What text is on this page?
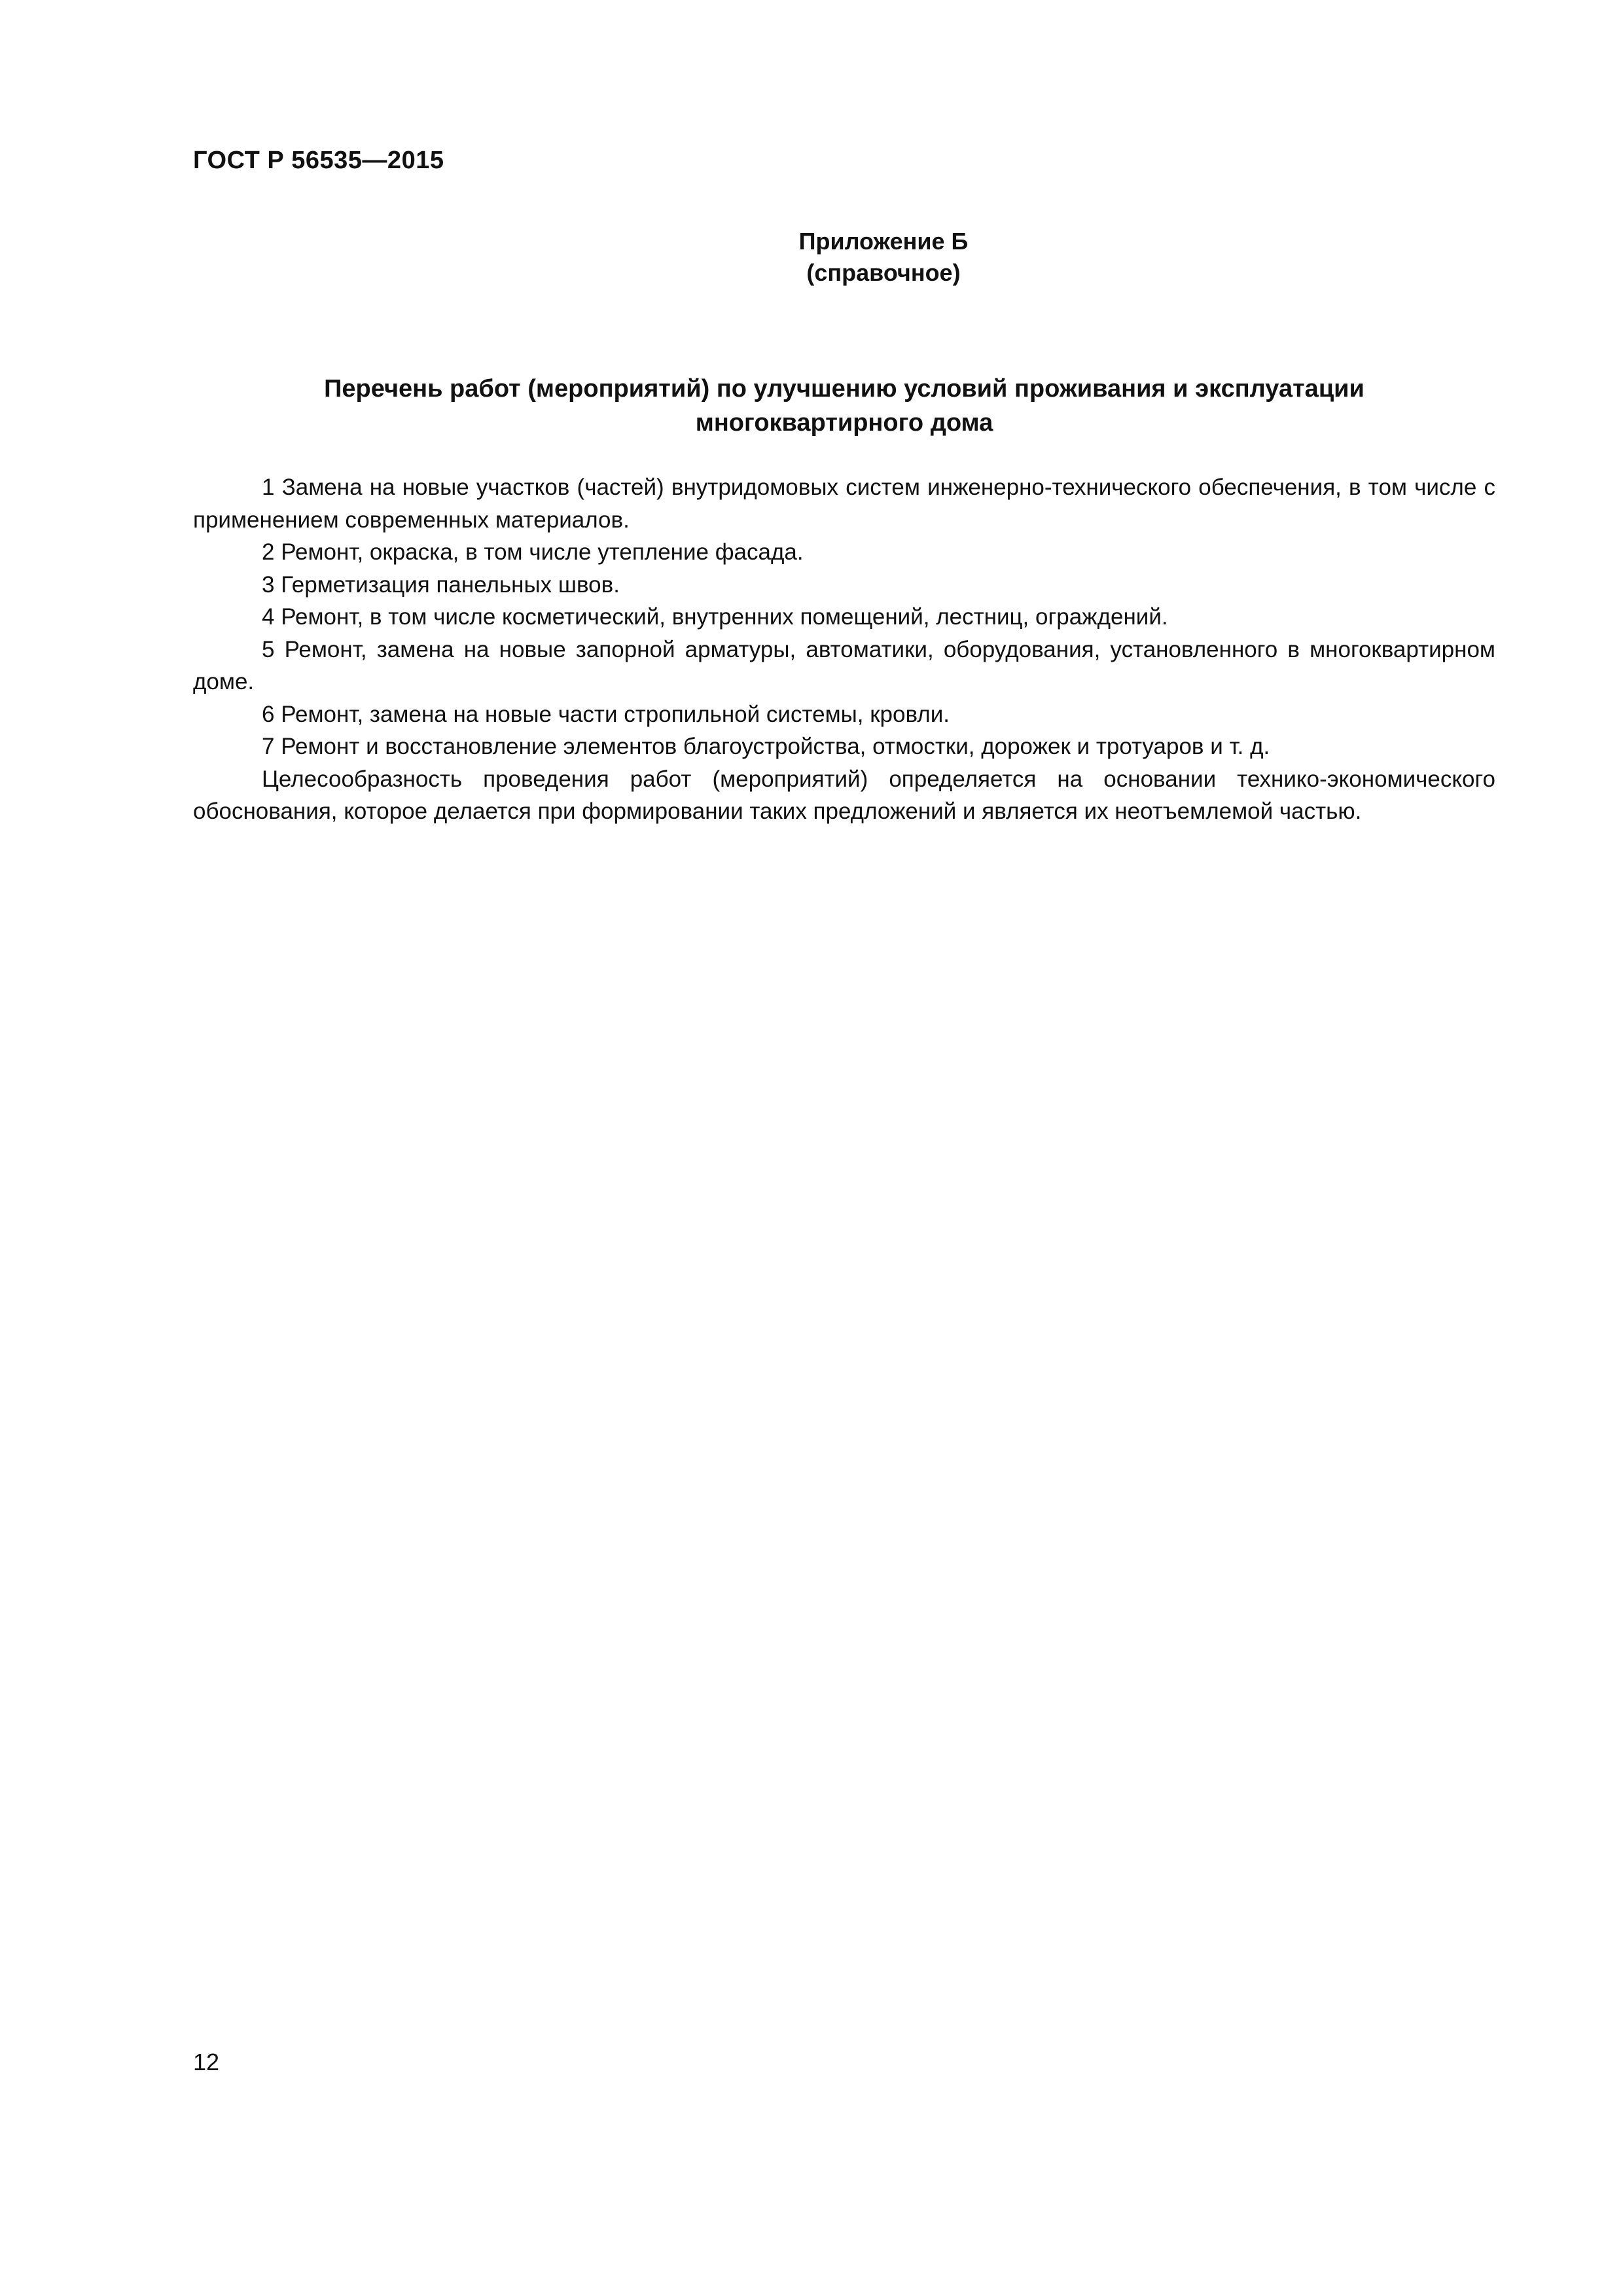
ГОСТ Р 56535—2015
Приложение Б
(справочное)
Перечень работ (мероприятий) по улучшению условий проживания и эксплуатации
многоквартирного дома

1 Замена на новые участков (частей) внутридомовых систем инженерно-технического обеспечения, в том числе с применением современных материалов.

2 Ремонт, окраска, в том числе утепление фасада.

3 Герметизация панельных швов.

4 Ремонт, в том числе косметический, внутренних помещений, лестниц, ограждений.

5 Ремонт, замена на новые запорной арматуры, автоматики, оборудования, установленного в многоквартирном доме.

6 Ремонт, замена на новые части стропильной системы, кровли.

7 Ремонт и восстановление элементов благоустройства, отмостки, дорожек и тротуаров и т. д.

Целесообразность проведения работ (мероприятий) определяется на основании технико-экономического обоснования, которое делается при формировании таких предложений и является их неотъемлемой частью.

12
